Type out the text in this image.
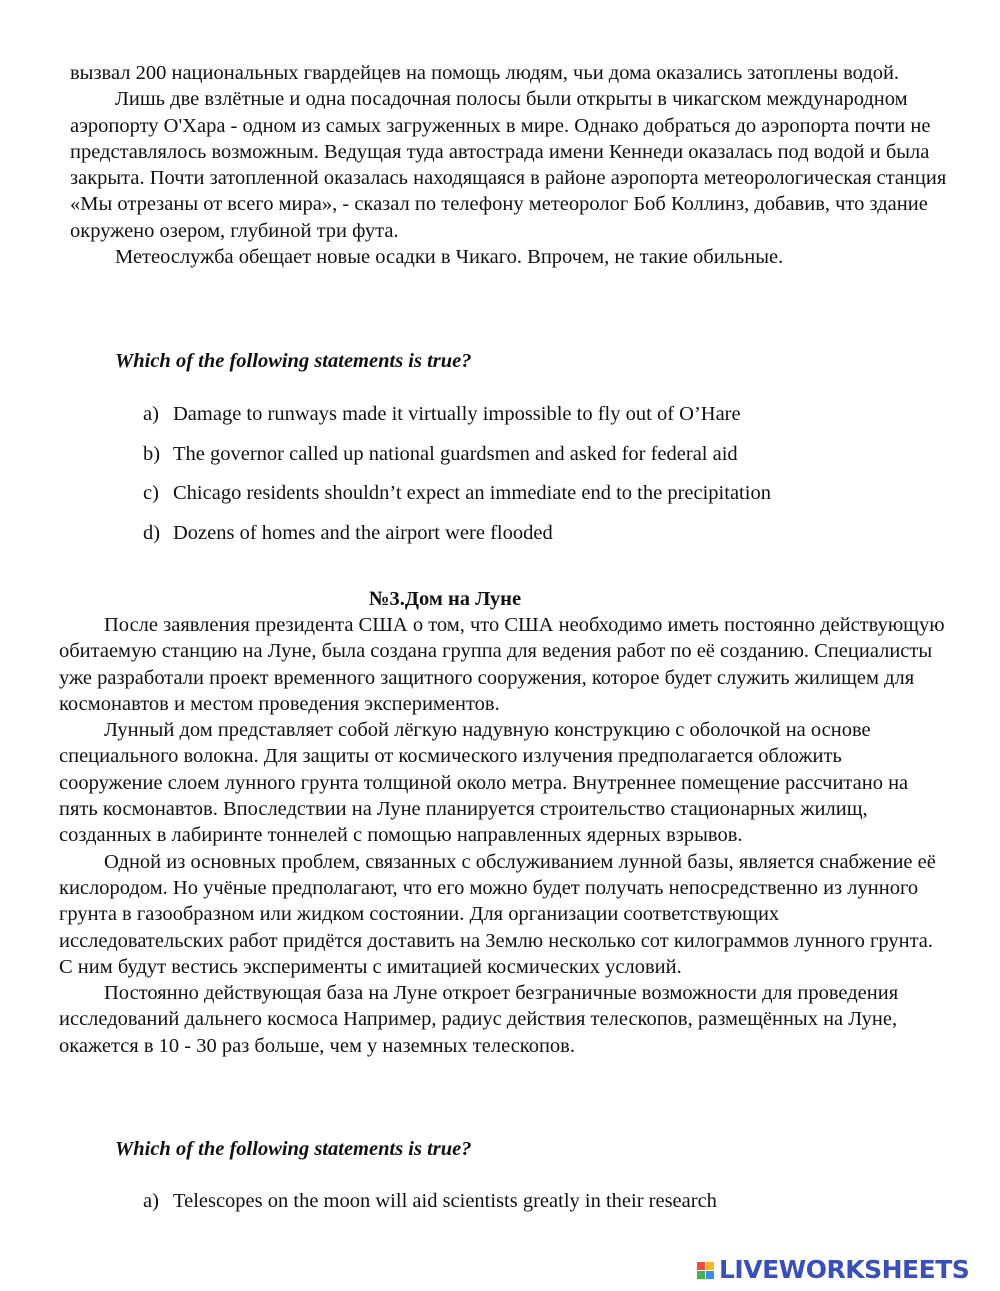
вызвал 200 национальных гвардейцев на помощь людям, чьи дома оказались затоплены водой.

Лишь две взлётные и одна посадочная полосы были открыты в чикагском международном аэропорту О'Хара - одном из самых загруженных в мире. Однако добраться до аэропорта почти не представлялось возможным. Ведущая туда автострада имени Кеннеди оказалась под водой и была закрыта. Почти затопленной оказалась находящаяся в районе аэропорта метеорологическая станция «Мы отрезаны от всего мира», - сказал по телефону метеоролог Боб Коллинз, добавив, что здание окружено озером, глубиной три фута.

Метеослужба обещает новые осадки в Чикаго. Впрочем, не такие обильные.

Which of the following statements is true?

a) Damage to runways made it virtually impossible to fly out of O’Hare
b) The governor called up national guardsmen and asked for federal aid
c) Chicago residents shouldn’t expect an immediate end to the precipitation
d) Dozens of homes and the airport were flooded

№3.Дом на Луне

После заявления президента США о том, что США необходимо иметь постоянно действующую обитаемую станцию на Луне, была создана группа для ведения работ по её созданию. Специалисты уже разработали проект временного защитного сооружения, которое будет служить жилищем для космонавтов и местом проведения экспериментов.

Лунный дом представляет собой лёгкую надувную конструкцию с оболочкой на основе специального волокна. Для защиты от космического излучения предполагается обложить сооружение слоем лунного грунта толщиной около метра. Внутреннее помещение рассчитано на пять космонавтов. Впоследствии на Луне планируется строительство стационарных жилищ, созданных в лабиринте тоннелей с помощью направленных ядерных взрывов.

Одной из основных проблем, связанных с обслуживанием лунной базы, является снабжение её кислородом. Но учёные предполагают, что его можно будет получать непосредственно из лунного грунта в газообразном или жидком состоянии. Для организации соответствующих исследовательских работ придётся доставить на Землю несколько сот килограммов лунного грунта. С ним будут вестись эксперименты с имитацией космических условий.

Постоянно действующая база на Луне откроет безграничные возможности для проведения исследований дальнего космоса Например, радиус действия телескопов, размещённых на Луне, окажется в 10 - 30 раз больше, чем у наземных телескопов.

Which of the following statements is true?

a) Telescopes on the moon will aid scientists greatly in their research
LIVEWORKSHEETS
